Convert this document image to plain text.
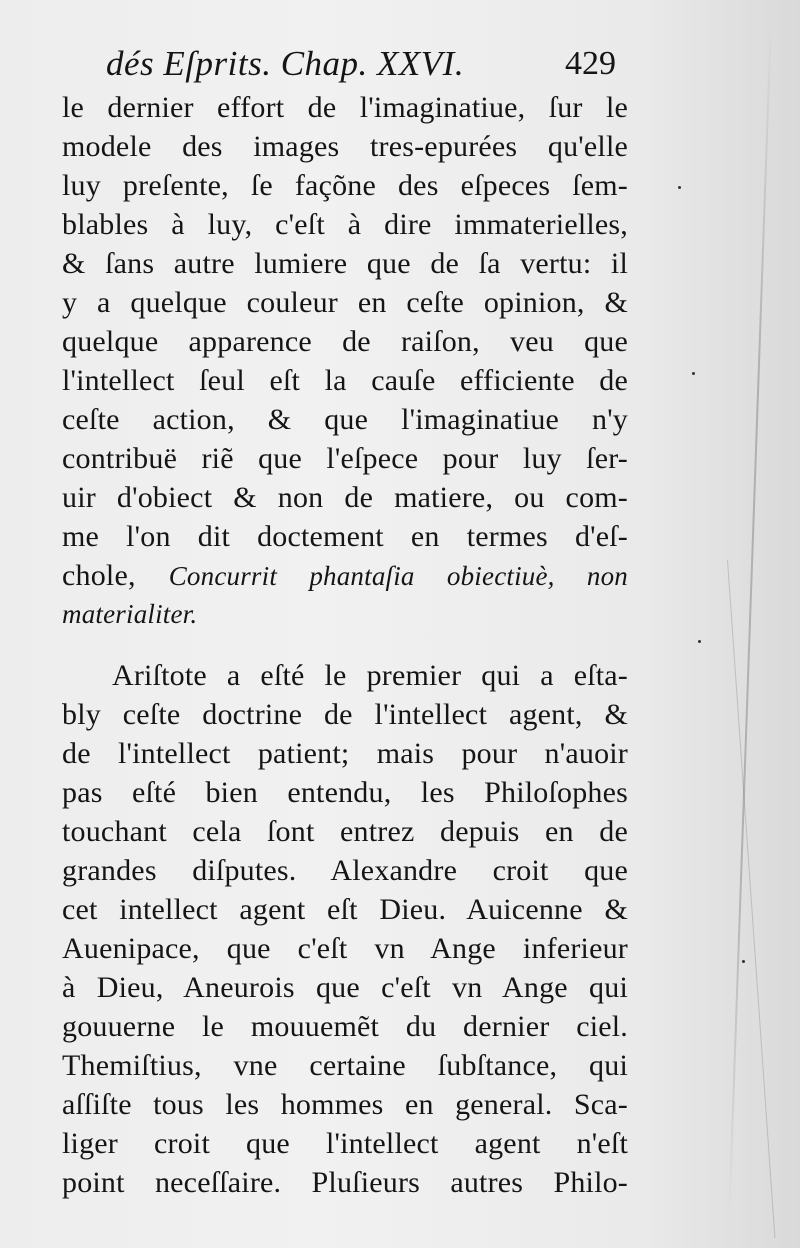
dés Eſprits. Chap. XXVI.	429
le dernier effort de l'imaginatiue, ſur le
modele des images tres-epurées qu'elle
luy preſente, ſe façõne des eſpeces ſem-
blables à luy, c'eſt à dire immaterielles,
& ſans autre lumiere que de ſa vertu: il
y a quelque couleur en ceſte opinion, &
quelque apparence de raiſon, veu que
l'intellect ſeul eſt la cauſe efficiente de
ceſte action, & que l'imaginatiue n'y
contribuë riẽ que l'eſpece pour luy ſer-
uir d'obiect & non de matiere, ou com-
me l'on dit doctement en termes d'eſ-
chole, Concurrit phantaſia obiectiuè, non
materialiter.
Ariſtote a eſté le premier qui a eſta-
bly ceſte doctrine de l'intellect agent, &
de l'intellect patient; mais pour n'auoir
pas eſté bien entendu, les Philoſophes
touchant cela ſont entrez depuis en de
grandes diſputes. Alexandre croit que
cet intellect agent eſt Dieu. Auicenne &
Auenipace, que c'eſt vn Ange inferieur
à Dieu, Aneurois que c'eſt vn Ange qui
gouuerne le mouuemẽt du dernier ciel.
Themiſtius, vne certaine ſubſtance, qui
aſſiſte tous les hommes en general. Sca-
liger croit que l'intellect agent n'eſt
point neceſſaire. Pluſieurs autres Philo-
